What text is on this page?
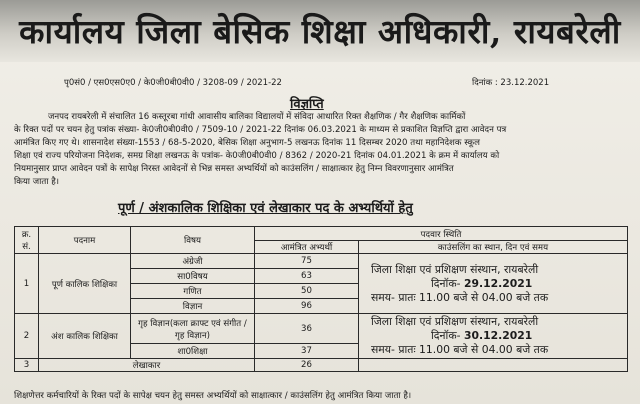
कार्यालय जिला बेसिक शिक्षा अधिकारी, रायबरेली
पृ0सं0 / एस0एस0ए0 / के0जी0बी0वी0 / 3208-09 / 2021-22	दिनांक : 23.12.2021
विज्ञप्ति
जनपद रायबरेली में संचालित 16 कस्तूरबा गांधी आवासीय बालिका विद्यालयों में संविदा आधारित रिक्त शैक्षणिक / गैर शैक्षणिक कार्मिकों
के रिक्त पदों पर चयन हेतु पत्रांक संख्या- के0जी0बी0वी0 / 7509-10 / 2021-22 दिनांक 06.03.2021 के माध्यम से प्रकाशित विज्ञप्ति द्वारा आवेदन पत्र
आमंत्रित किए गए थे। शासनादेश संख्या-1553 / 68-5-2020, बेसिक शिक्षा अनुभाग-5 लखनऊ दिनांक 11 दिसम्बर 2020 तथा महानिदेशक स्कूल
शिक्षा एवं राज्य परियोजना निदेशक, समग्र शिक्षा लखनऊ के पत्रांक- के0जी0बी0वी0 / 8362 / 2020-21 दिनांक 04.01.2021 के क्रम में कार्यालय को
नियमानुसार प्राप्त आवेदन पत्रों के सापेक्ष निरस्त आवेदनों से भिन्न समस्त अभ्यर्थियों को काउंसलिंग / साक्षात्कार हेतु निम्न विवरणानुसार आमंत्रित
किया जाता है।
पूर्ण / अंशकालिक शिक्षिका एवं लेखाकार पद के अभ्यर्थियों हेतु
क्र. सं.	पदनाम	विषय	पदवार स्थिति	
			आमंत्रित अभ्यर्थी	काउंसलिंग का स्थान, दिन एवं समय
1	पूर्ण कालिक शिक्षिका	अंग्रेजी	75	जिला शिक्षा एवं प्रशिक्षण संस्थान, रायबरेली
दिनॉक- 29.12.2021
समय- प्रातः 11.00 बजे से 04.00 बजे तक

		सा0विषय	63	
		गणित	50	
		विज्ञान	96	
2	अंश कालिक शिक्षिका	गृह विज्ञान(कला क्राफ्ट एवं संगीत / गृह विज्ञान)	36	जिला शिक्षा एवं प्रशिक्षण संस्थान, रायबरेली
दिनॉक- 30.12.2021
समय- प्रातः 11.00 बजे से 04.00 बजे तक

		शा0शिक्षा	37	
3	लेखाकार		26	
शिक्षणेत्तर कर्मचारियों के रिक्त पदों के सापेक्ष चयन हेतु समस्त अभ्यर्थियों को साक्षात्कार / काउंसलिंग हेतु आमंत्रित किया जाता है।
